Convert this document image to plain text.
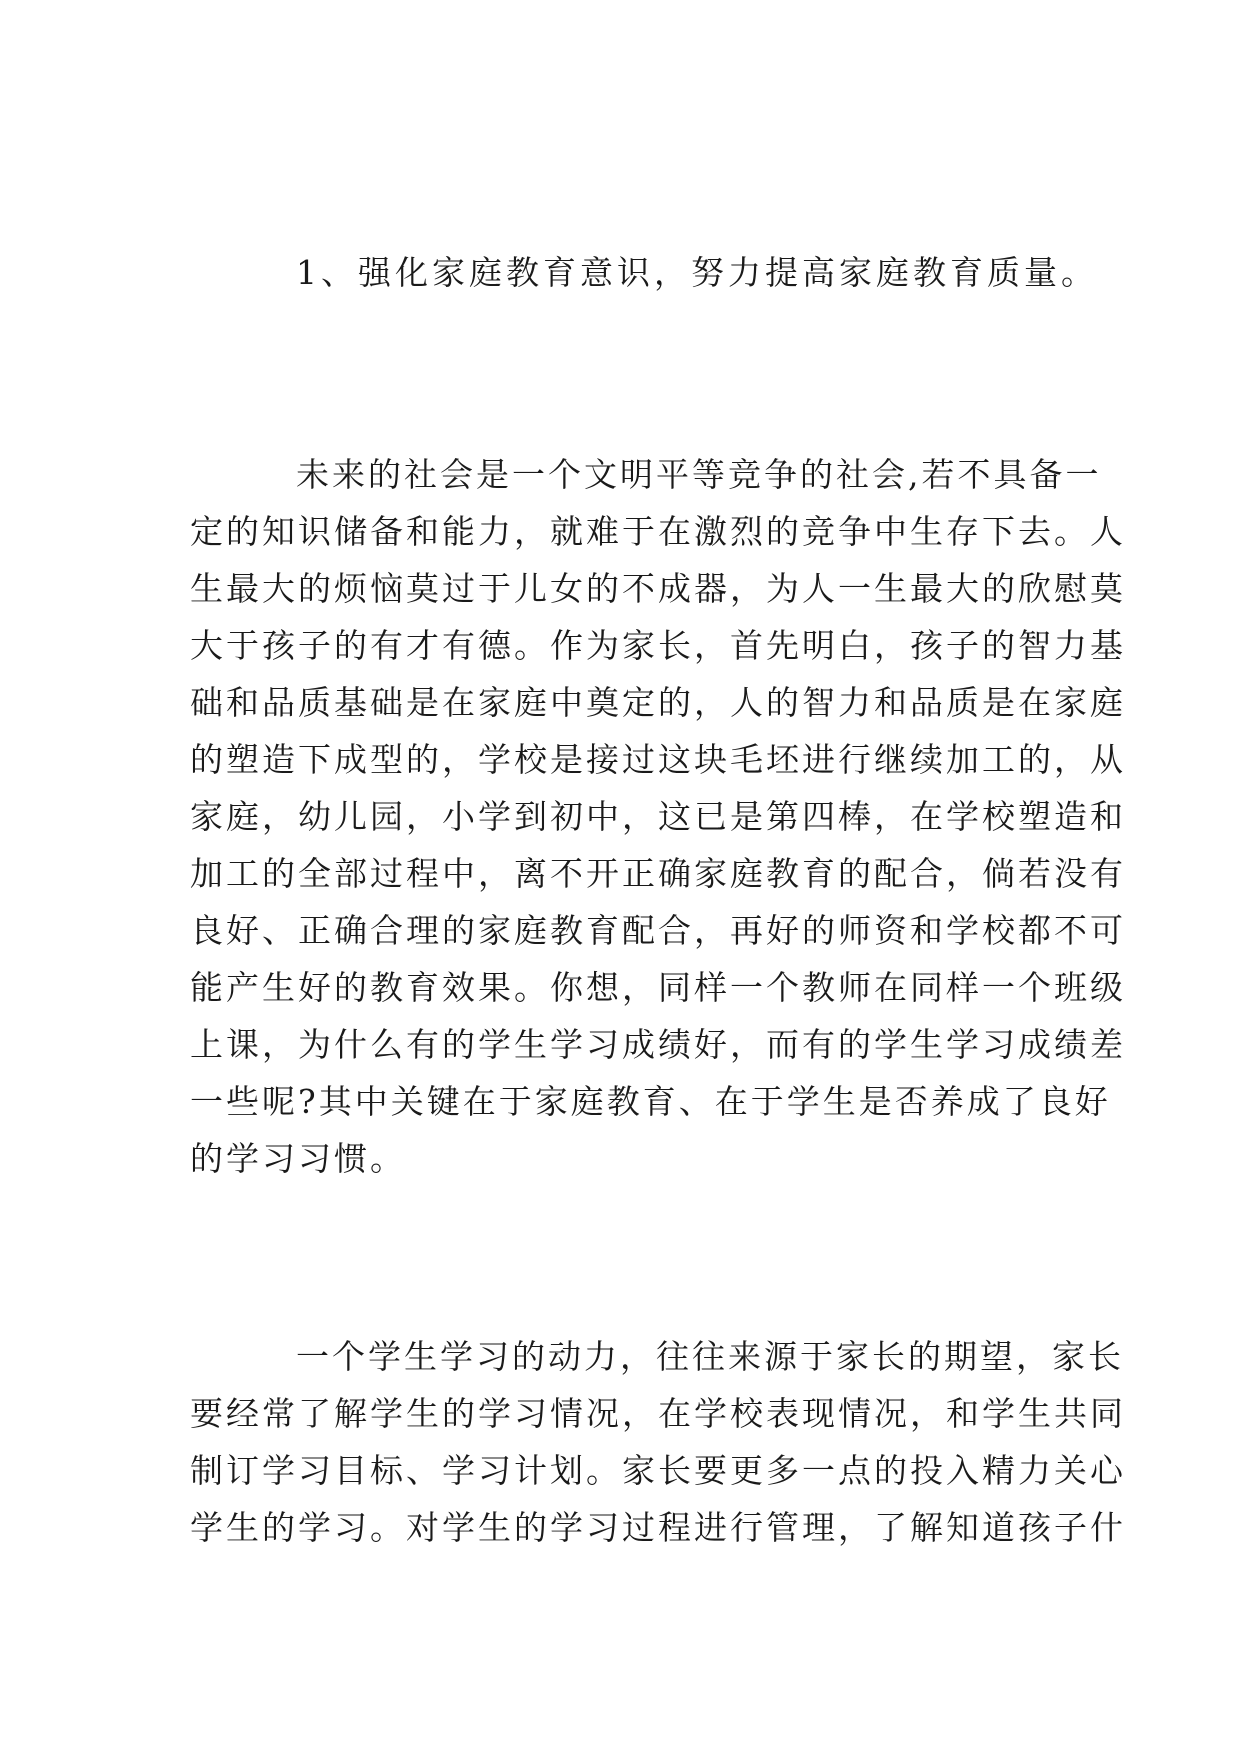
1、强化家庭教育意识，努力提高家庭教育质量。
未来的社会是一个文明平等竞争的社会,若不具备一
定的知识储备和能力，就难于在激烈的竞争中生存下去。人
生最大的烦恼莫过于儿女的不成器，为人一生最大的欣慰莫
大于孩子的有才有德。作为家长，首先明白，孩子的智力基
础和品质基础是在家庭中奠定的，人的智力和品质是在家庭
的塑造下成型的，学校是接过这块毛坯进行继续加工的，从
家庭，幼儿园，小学到初中，这已是第四棒，在学校塑造和
加工的全部过程中，离不开正确家庭教育的配合，倘若没有
良好、正确合理的家庭教育配合，再好的师资和学校都不可
能产生好的教育效果。你想，同样一个教师在同样一个班级
上课，为什么有的学生学习成绩好，而有的学生学习成绩差
一些呢?其中关键在于家庭教育、在于学生是否养成了良好
的学习习惯。
一个学生学习的动力，往往来源于家长的期望，家长
要经常了解学生的学习情况，在学校表现情况，和学生共同
制订学习目标、学习计划。家长要更多一点的投入精力关心
学生的学习。对学生的学习过程进行管理，了解知道孩子什
